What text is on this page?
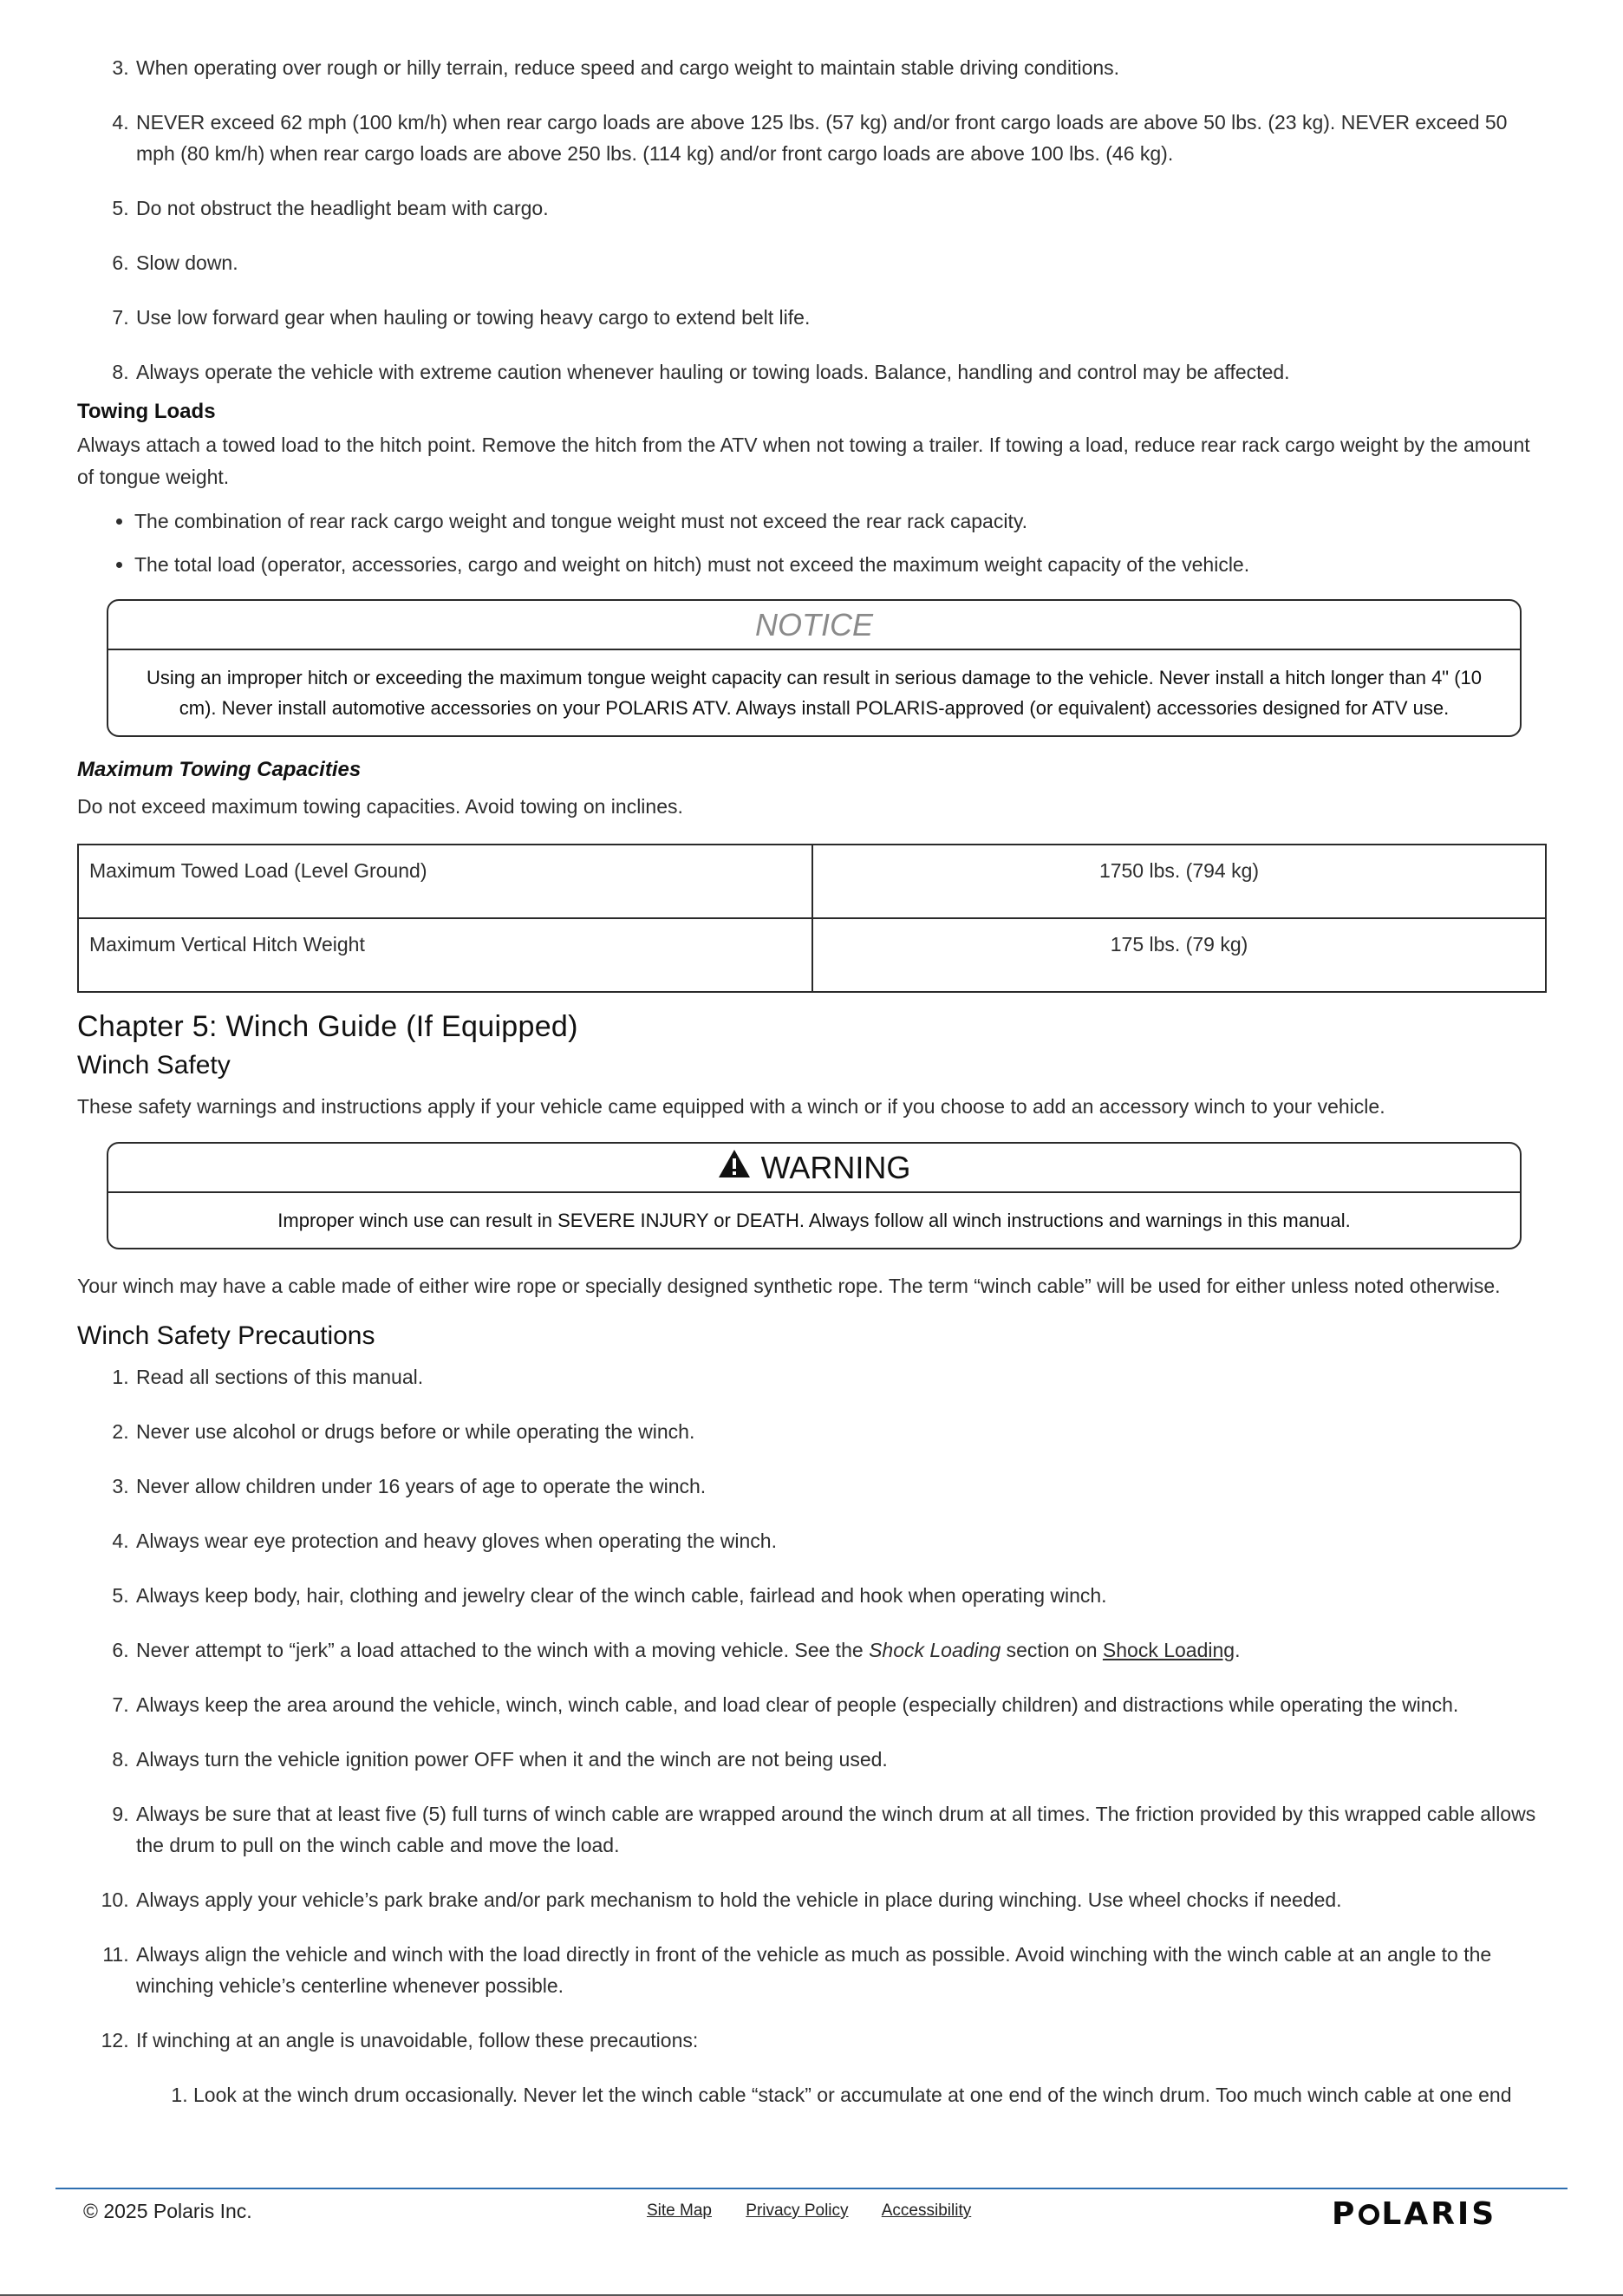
3. When operating over rough or hilly terrain, reduce speed and cargo weight to maintain stable driving conditions.
4. NEVER exceed 62 mph (100 km/h) when rear cargo loads are above 125 lbs. (57 kg) and/or front cargo loads are above 50 lbs. (23 kg). NEVER exceed 50 mph (80 km/h) when rear cargo loads are above 250 lbs. (114 kg) and/or front cargo loads are above 100 lbs. (46 kg).
5. Do not obstruct the headlight beam with cargo.
6. Slow down.
7. Use low forward gear when hauling or towing heavy cargo to extend belt life.
8. Always operate the vehicle with extreme caution whenever hauling or towing loads. Balance, handling and control may be affected.
Towing Loads

Always attach a towed load to the hitch point. Remove the hitch from the ATV when not towing a trailer. If towing a load, reduce rear rack cargo weight by the amount of tongue weight.

• The combination of rear rack cargo weight and tongue weight must not exceed the rear rack capacity.
• The total load (operator, accessories, cargo and weight on hitch) must not exceed the maximum weight capacity of the vehicle.
NOTICE
Using an improper hitch or exceeding the maximum tongue weight capacity can result in serious damage to the vehicle. Never install a hitch longer than 4" (10 cm). Never install automotive accessories on your POLARIS ATV. Always install POLARIS-approved (or equivalent) accessories designed for ATV use.
Maximum Towing Capacities

Do not exceed maximum towing capacities. Avoid towing on inclines.

Maximum Towed Load (Level Ground)	1750 lbs. (794 kg)
Maximum Vertical Hitch Weight	175 lbs. (79 kg)
Chapter 5: Winch Guide (If Equipped)
Winch Safety

These safety warnings and instructions apply if your vehicle came equipped with a winch or if you choose to add an accessory winch to your vehicle.

WARNING
Improper winch use can result in SEVERE INJURY or DEATH. Always follow all winch instructions and warnings in this manual.

Your winch may have a cable made of either wire rope or specially designed synthetic rope. The term “winch cable” will be used for either unless noted otherwise.

Winch Safety Precautions
1. Read all sections of this manual.
2. Never use alcohol or drugs before or while operating the winch.
3. Never allow children under 16 years of age to operate the winch.
4. Always wear eye protection and heavy gloves when operating the winch.
5. Always keep body, hair, clothing and jewelry clear of the winch cable, fairlead and hook when operating winch.
6. Never attempt to “jerk” a load attached to the winch with a moving vehicle. See the Shock Loading section on Shock Loading.
7. Always keep the area around the vehicle, winch, winch cable, and load clear of people (especially children) and distractions while operating the winch.
8. Always turn the vehicle ignition power OFF when it and the winch are not being used.
9. Always be sure that at least five (5) full turns of winch cable are wrapped around the winch drum at all times. The friction provided by this wrapped cable allows the drum to pull on the winch cable and move the load.
10. Always apply your vehicle’s park brake and/or park mechanism to hold the vehicle in place during winching. Use wheel chocks if needed.
11. Always align the vehicle and winch with the load directly in front of the vehicle as much as possible. Avoid winching with the winch cable at an angle to the winching vehicle’s centerline whenever possible.
12. If winching at an angle is unavoidable, follow these precautions:
1. Look at the winch drum occasionally. Never let the winch cable “stack” or accumulate at one end of the winch drum. Too much winch cable at one end
© 2025 Polaris Inc.	Site Map Privacy Policy Accessibility	P LARIS
